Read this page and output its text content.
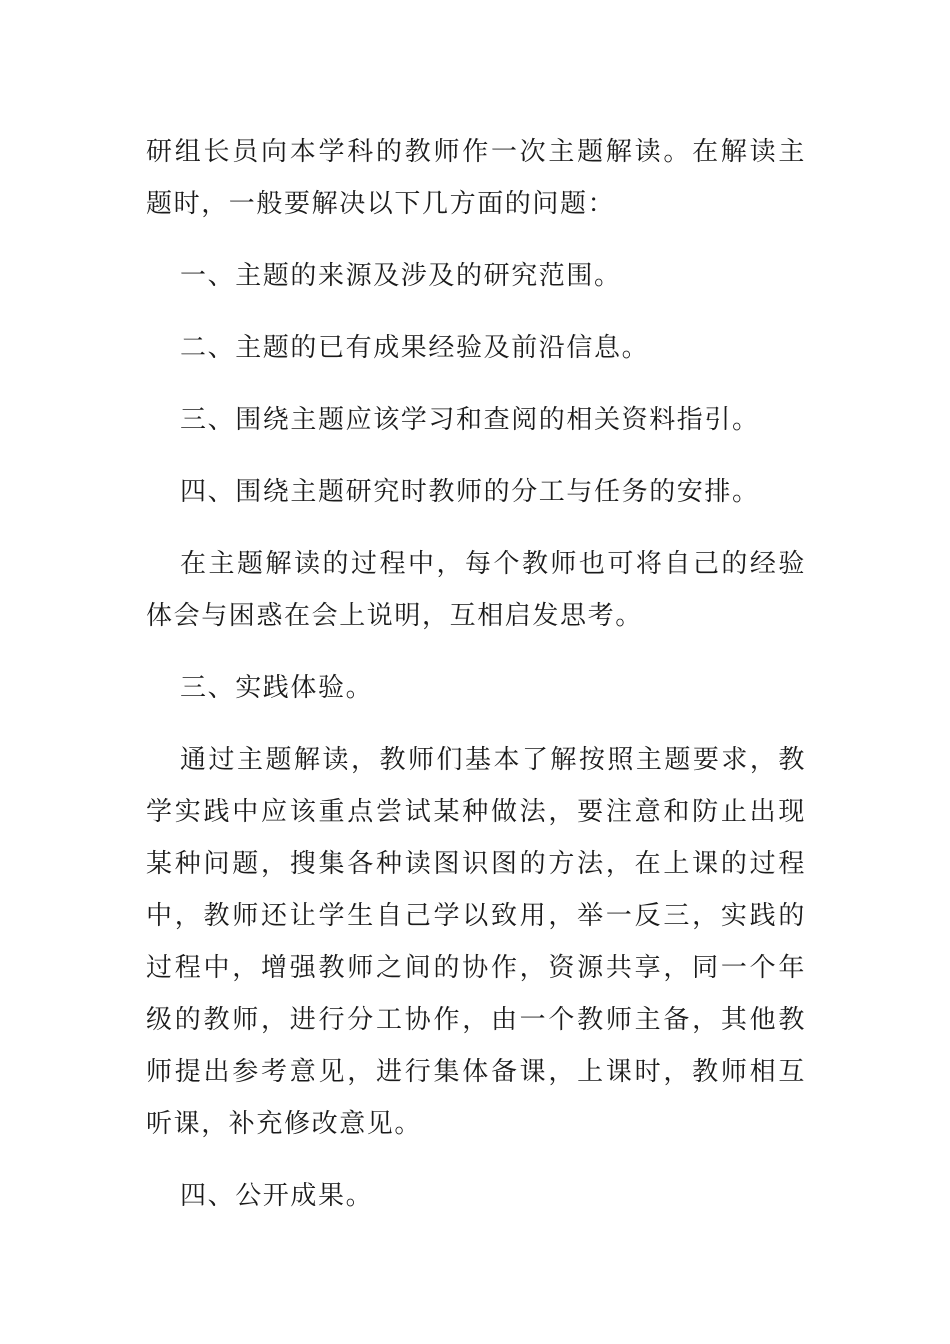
研组长员向本学科的教师作一次主题解读。在解读主题时，一般要解决以下几方面的问题：

一、主题的来源及涉及的研究范围。

二、主题的已有成果经验及前沿信息。

三、围绕主题应该学习和查阅的相关资料指引。

四、围绕主题研究时教师的分工与任务的安排。

在主题解读的过程中，每个教师也可将自己的经验体会与困惑在会上说明，互相启发思考。

三、实践体验。

通过主题解读，教师们基本了解按照主题要求，教学实践中应该重点尝试某种做法，要注意和防止出现某种问题，搜集各种读图识图的方法，在上课的过程中，教师还让学生自己学以致用，举一反三，实践的过程中，增强教师之间的协作，资源共享，同一个年级的教师，进行分工协作，由一个教师主备，其他教师提出参考意见，进行集体备课，上课时，教师相互听课，补充修改意见。

四、公开成果。
